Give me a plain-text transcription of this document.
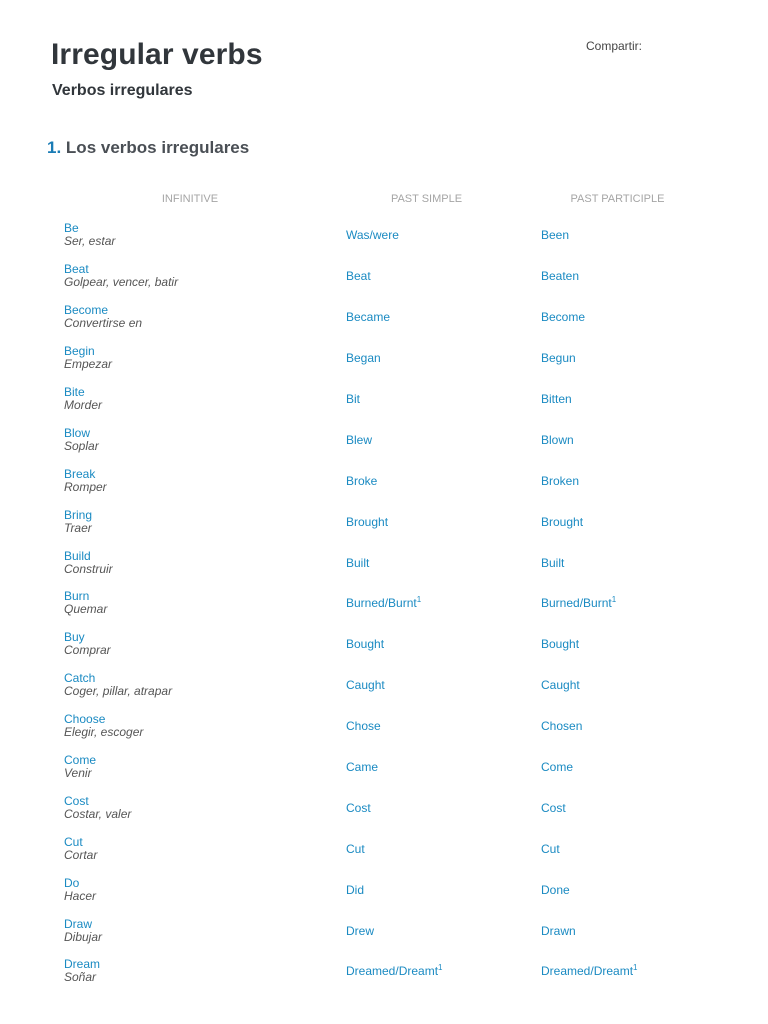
Irregular verbs
Verbos irregulares
Compartir:
1. Los verbos irregulares
INFINITIVE	PAST SIMPLE	PAST PARTICIPLE

Be
Ser, estar	Was/were	Been

Beat
Golpear, vencer, batir	Beat	Beaten

Become
Convertirse en	Became	Become

Begin
Empezar	Began	Begun

Bite
Morder	Bit	Bitten

Blow
Soplar	Blew	Blown

Break
Romper	Broke	Broken

Bring
Traer	Brought	Brought

Build
Construir	Built	Built

Burn
Quemar	Burned/Burnt$^1$	Burned/Burnt$^1$

Buy
Comprar	Bought	Bought

Catch
Coger, pillar, atrapar	Caught	Caught

Choose
Elegir, escoger	Chose	Chosen

Come
Venir	Came	Come

Cost
Costar, valer	Cost	Cost

Cut
Cortar	Cut	Cut

Do
Hacer	Did	Done

Draw
Dibujar	Drew	Drawn

Dream
Soñar	Dreamed/Dreamt$^1$	Dreamed/Dreamt$^1$
